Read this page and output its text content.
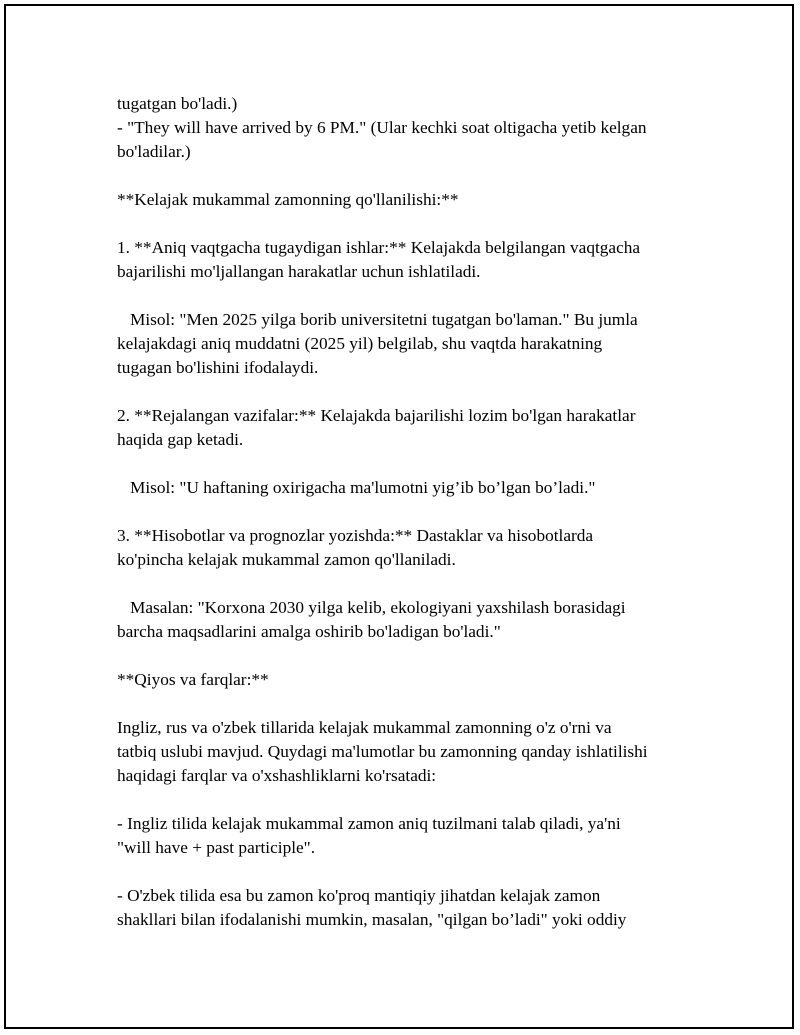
tugatgan bo'ladi.)
- "They will have arrived by 6 PM." (Ular kechki soat oltigacha yetib kelgan
bo'ladilar.)
**Kelajak mukammal zamonning qo'llanilishi:**
1. **Aniq vaqtgacha tugaydigan ishlar:** Kelajakda belgilangan vaqtgacha
bajarilishi mo'ljallangan harakatlar uchun ishlatiladi.
Misol: "Men 2025 yilga borib universitetni tugatgan bo'laman." Bu jumla
kelajakdagi aniq muddatni (2025 yil) belgilab, shu vaqtda harakatning
tugagan bo'lishini ifodalaydi.
2. **Rejalangan vazifalar:** Kelajakda bajarilishi lozim bo'lgan harakatlar
haqida gap ketadi.
Misol: "U haftaning oxirigacha ma'lumotni yig’ib bo’lgan bo’ladi."
3. **Hisobotlar va prognozlar yozishda:** Dastaklar va hisobotlarda
ko'pincha kelajak mukammal zamon qo'llaniladi.
Masalan: "Korxona 2030 yilga kelib, ekologiyani yaxshilash borasidagi
barcha maqsadlarini amalga oshirib bo'ladigan bo'ladi."
**Qiyos va farqlar:**
Ingliz, rus va o'zbek tillarida kelajak mukammal zamonning o'z o'rni va
tatbiq uslubi mavjud. Quydagi ma'lumotlar bu zamonning qanday ishlatilishi
haqidagi farqlar va o'xshashliklarni ko'rsatadi:
- Ingliz tilida kelajak mukammal zamon aniq tuzilmani talab qiladi, ya'ni
"will have + past participle".
- O'zbek tilida esa bu zamon ko'proq mantiqiy jihatdan kelajak zamon
shakllari bilan ifodalanishi mumkin, masalan, "qilgan bo’ladi" yoki oddiy
